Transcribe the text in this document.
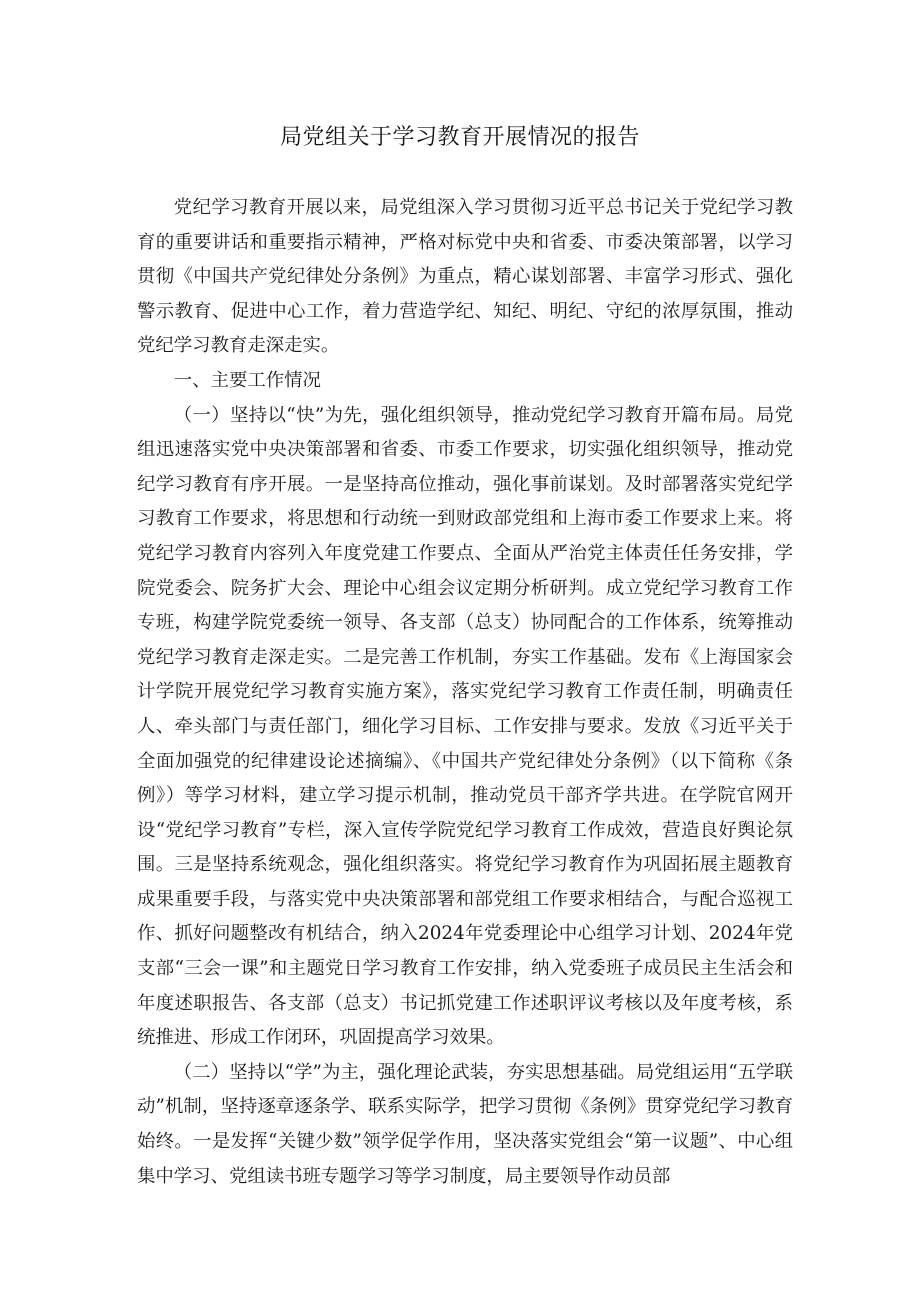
局党组关于学习教育开展情况的报告

党纪学习教育开展以来，局党组深入学习贯彻习近平总书记关于党纪学习教育的重要讲话和重要指示精神，严格对标党中央和省委、市委决策部署，以学习贯彻《中国共产党纪律处分条例》为重点，精心谋划部署、丰富学习形式、强化警示教育、促进中心工作，着力营造学纪、知纪、明纪、守纪的浓厚氛围，推动党纪学习教育走深走实。

一、主要工作情况

（一）坚持以“快”为先，强化组织领导，推动党纪学习教育开篇布局。局党组迅速落实党中央决策部署和省委、市委工作要求，切实强化组织领导，推动党纪学习教育有序开展。一是坚持高位推动，强化事前谋划。及时部署落实党纪学习教育工作要求，将思想和行动统一到财政部党组和上海市委工作要求上来。将党纪学习教育内容列入年度党建工作要点、全面从严治党主体责任任务安排，学院党委会、院务扩大会、理论中心组会议定期分析研判。成立党纪学习教育工作专班，构建学院党委统一领导、各支部（总支）协同配合的工作体系，统筹推动党纪学习教育走深走实。二是完善工作机制，夯实工作基础。发布《上海国家会计学院开展党纪学习教育实施方案》，落实党纪学习教育工作责任制，明确责任人、牵头部门与责任部门，细化学习目标、工作安排与要求。发放《习近平关于全面加强党的纪律建设论述摘编》、《中国共产党纪律处分条例》（以下简称《条例》）等学习材料，建立学习提示机制，推动党员干部齐学共进。在学院官网开设“党纪学习教育”专栏，深入宣传学院党纪学习教育工作成效，营造良好舆论氛围。三是坚持系统观念，强化组织落实。将党纪学习教育作为巩固拓展主题教育成果重要手段，与落实党中央决策部署和部党组工作要求相结合，与配合巡视工作、抓好问题整改有机结合，纳入2024年党委理论中心组学习计划、2024年党支部“三会一课”和主题党日学习教育工作安排，纳入党委班子成员民主生活会和年度述职报告、各支部（总支）书记抓党建工作述职评议考核以及年度考核，系统推进、形成工作闭环，巩固提高学习效果。

（二）坚持以“学”为主，强化理论武装，夯实思想基础。局党组运用“五学联动”机制，坚持逐章逐条学、联系实际学，把学习贯彻《条例》贯穿党纪学习教育始终。一是发挥“关键少数”领学促学作用，坚决落实党组会“第一议题”、中心组集中学习、党组读书班专题学习等学习制度，局主要领导作动员部
